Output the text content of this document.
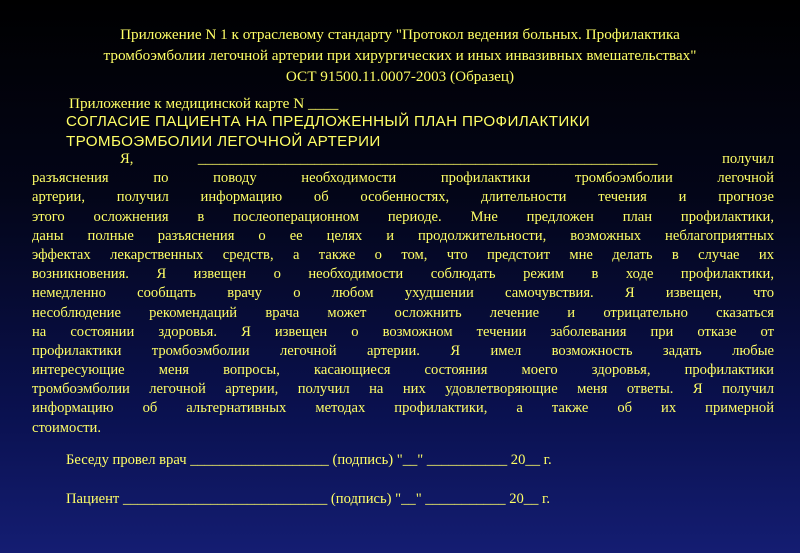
Приложение N 1 к отраслевому стандарту "Протокол ведения больных. Профилактика
тромбоэмболии легочной артерии при хирургических и иных инвазивных вмешательствах"
ОСТ 91500.11.0007-2003 (Образец)
Приложение к медицинской карте N ____
СОГЛАСИЕ ПАЦИЕНТА НА ПРЕДЛОЖЕННЫЙ ПЛАН ПРОФИЛАКТИКИ
ТРОМБОЭМБОЛИИ ЛЕГОЧНОЙ АРТЕРИИ
Я, _______________________________________________________________ получил
разъяснения по поводу необходимости профилактики тромбоэмболии легочной
артерии, получил информацию об особенностях, длительности течения и прогнозе
этого осложнения в послеоперационном периоде. Мне предложен план профилактики,
даны полные разъяснения о ее целях и продолжительности, возможных неблагоприятных
эффектах лекарственных средств, а также о том, что предстоит мне делать в случае их
возникновения. Я извещен о необходимости соблюдать режим в ходе профилактики,
немедленно сообщать врачу о любом ухудшении самочувствия. Я извещен, что
несоблюдение рекомендаций врача может осложнить лечение и отрицательно сказаться
на состоянии здоровья. Я извещен о возможном течении заболевания при отказе от
профилактики тромбоэмболии легочной артерии. Я имел возможность задать любые
интересующие меня вопросы, касающиеся состояния моего здоровья, профилактики
тромбоэмболии легочной артерии, получил на них удовлетворяющие меня ответы. Я получил
информацию об альтернативных методах профилактики, а также об их примерной
стоимости.
Беседу провел врач ___________________ (подпись) "__" ___________ 20__ г.
Пациент ____________________________ (подпись) "__" ___________ 20__ г.
